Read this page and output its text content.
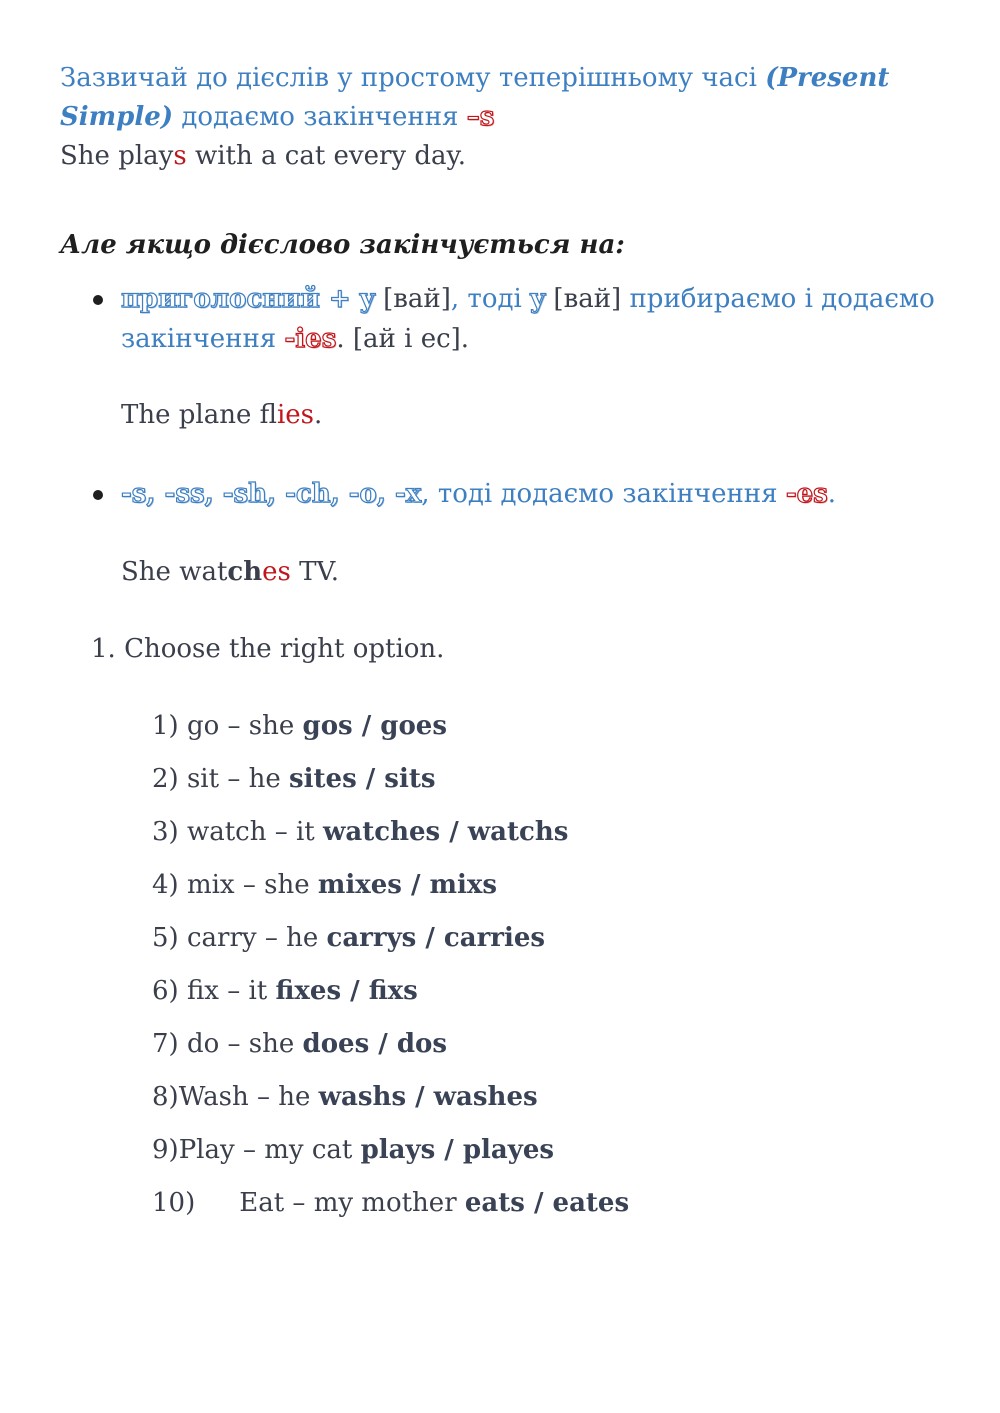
Зазвичай до дієслів у простому теперішньому часі (Present
Simple) додаємо закінчення –s
She plays with a cat every day.
Але якщо дієслово закінчується на:
приголосний + y [вай], тоді y [вай] прибираємо і додаємо
закінчення -ies. [ай і ес].
The plane flies.
-s, -ss, -sh, -ch, -o, -x, тоді додаємо закінчення -es.
She watches TV.
1. Choose the right option.
1) go – she gos / goes
2) sit – he sites / sits
3) watch – it watches / watchs
4) mix – she mixes / mixs
5) carry – he carrys / carries
6) fix – it fixes / fixs
7) do – she does / dos
8)Wash – he washs / washes
9)Play – my cat plays / playes
10) Eat – my mother eats / eates
